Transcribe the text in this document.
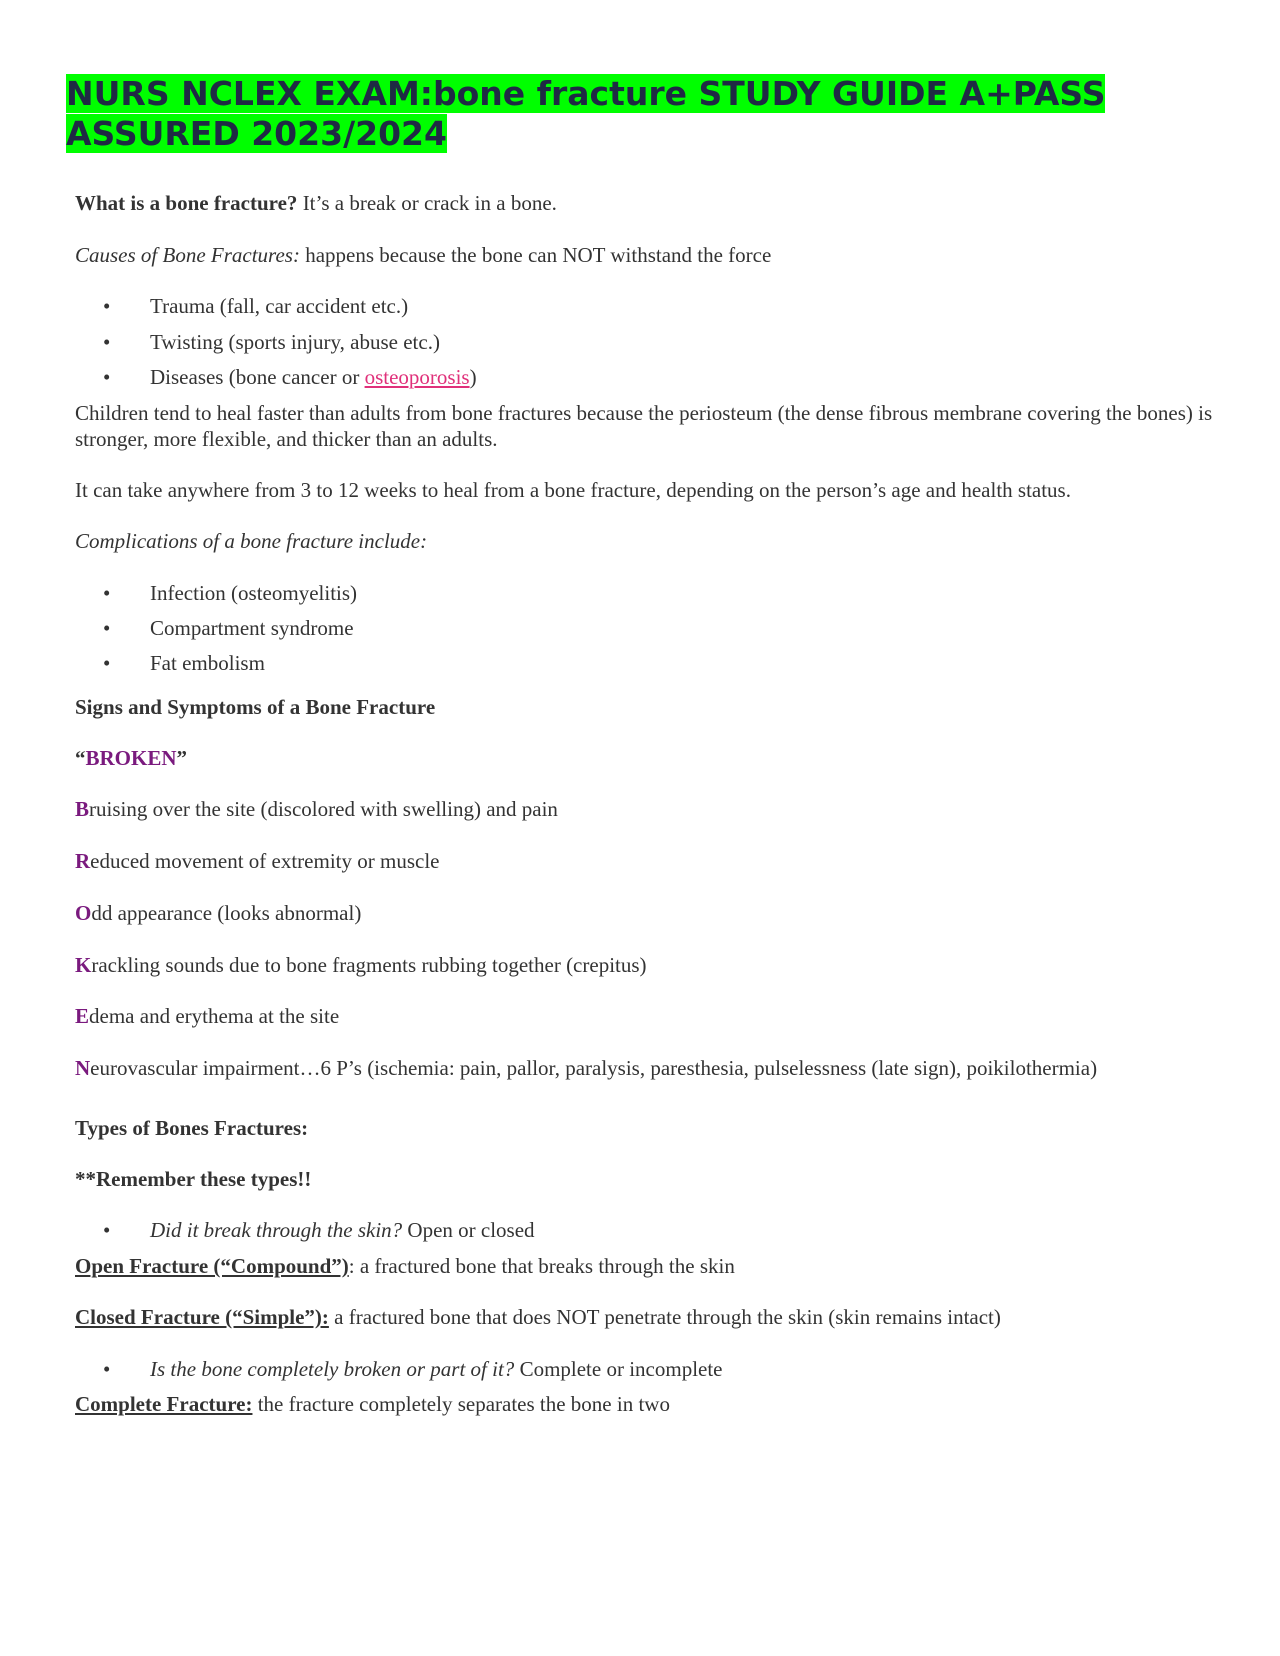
NURS NCLEX EXAM:bone fracture STUDY GUIDE A+PASS ASSURED 2023/2024

What is a bone fracture? It’s a break or crack in a bone.

Causes of Bone Fractures: happens because the bone can NOT withstand the force

• Trauma (fall, car accident etc.)
• Twisting (sports injury, abuse etc.)
• Diseases (bone cancer or osteoporosis)

Children tend to heal faster than adults from bone fractures because the periosteum (the dense fibrous membrane covering the bones) is stronger, more flexible, and thicker than an adults.

It can take anywhere from 3 to 12 weeks to heal from a bone fracture, depending on the person’s age and health status.

Complications of a bone fracture include:

• Infection (osteomyelitis)
• Compartment syndrome
• Fat embolism

Signs and Symptoms of a Bone Fracture

“BROKEN”

Bruising over the site (discolored with swelling) and pain

Reduced movement of extremity or muscle

Odd appearance (looks abnormal)

Krackling sounds due to bone fragments rubbing together (crepitus)

Edema and erythema at the site

Neurovascular impairment…6 P’s (ischemia: pain, pallor, paralysis, paresthesia, pulselessness (late sign), poikilothermia)

Types of Bones Fractures:

**Remember these types!!

• Did it break through the skin? Open or closed

Open Fracture (“Compound”): a fractured bone that breaks through the skin

Closed Fracture (“Simple”): a fractured bone that does NOT penetrate through the skin (skin remains intact)

• Is the bone completely broken or part of it? Complete or incomplete

Complete Fracture: the fracture completely separates the bone in two
